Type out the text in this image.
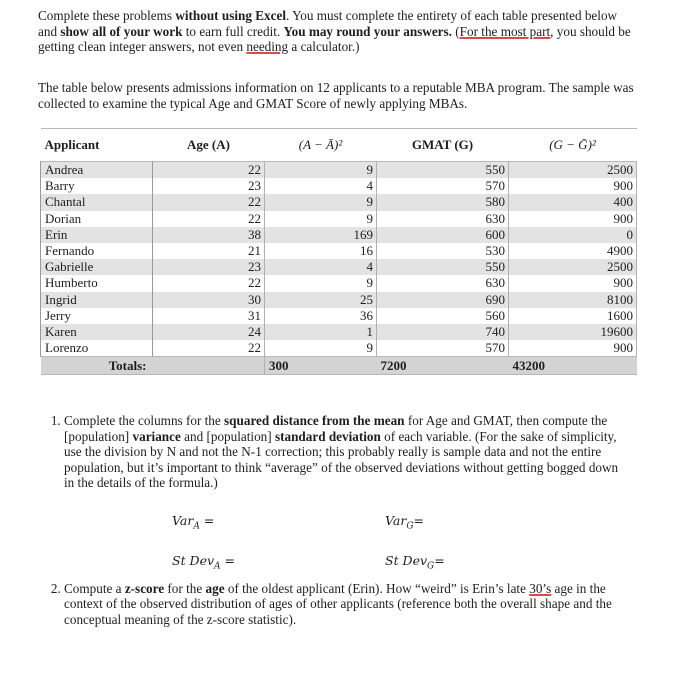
Complete these problems without using Excel. You must complete the entirety of each table presented below and show all of your work to earn full credit. You may round your answers. (For the most part, you should be getting clean integer answers, not even needing a calculator.)

The table below presents admissions information on 12 applicants to a reputable MBA program. The sample was collected to examine the typical Age and GMAT Score of newly applying MBAs.

Applicant	Age (A)	(A − Ā)²	GMAT (G)	(G − Ḡ)²
Andrea	22	9	550	2500
Barry	23	4	570	900
Chantal	22	9	580	400
Dorian	22	9	630	900
Erin	38	169	600	0
Fernando	21	16	530	4900
Gabrielle	23	4	550	2500
Humberto	22	9	630	900
Ingrid	30	25	690	8100
Jerry	31	36	560	1600
Karen	24	1	740	19600
Lorenzo	22	9	570	900
Totals:		300	7200	43200
1. Complete the columns for the squared distance from the mean for Age and GMAT, then compute the [population] variance and [population] standard deviation of each variable. (For the sake of simplicity, use the division by N and not the N-1 correction; this probably really is sample data and not the entire population, but it’s important to think “average” of the observed deviations without getting bogged down in the details of the formula.)
2. Compute a z-score for the age of the oldest applicant (Erin). How “weird” is Erin’s late 30’s age in the context of the observed distribution of ages of other applicants (reference both the overall shape and the conceptual meaning of the z-score statistic).
Var$_A$ =	Var$_G$=
St Dev$_A$ =	St Dev$_G$=
